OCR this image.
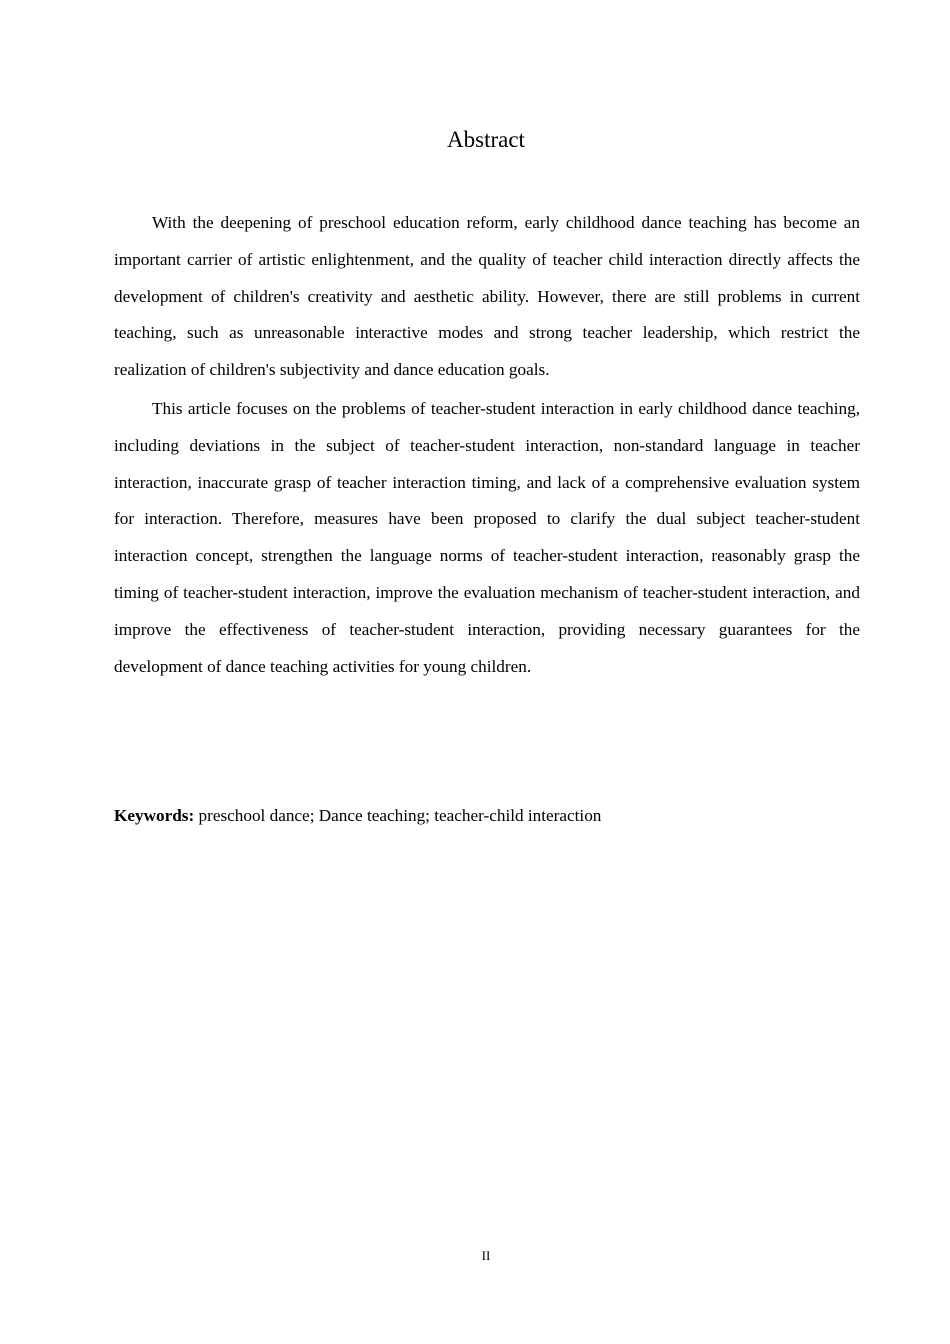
Abstract

With the deepening of preschool education reform, early childhood dance teaching has become an important carrier of artistic enlightenment, and the quality of teacher child interaction directly affects the development of children's creativity and aesthetic ability. However, there are still problems in current teaching, such as unreasonable interactive modes and strong teacher leadership, which restrict the realization of children's subjectivity and dance education goals.

This article focuses on the problems of teacher-student interaction in early childhood dance teaching, including deviations in the subject of teacher-student interaction, non-standard language in teacher interaction, inaccurate grasp of teacher interaction timing, and lack of a comprehensive evaluation system for interaction. Therefore, measures have been proposed to clarify the dual subject teacher-student interaction concept, strengthen the language norms of teacher-student interaction, reasonably grasp the timing of teacher-student interaction, improve the evaluation mechanism of teacher-student interaction, and improve the effectiveness of teacher-student interaction, providing necessary guarantees for the development of dance teaching activities for young children.

Keywords: preschool dance; Dance teaching; teacher-child interaction

II
